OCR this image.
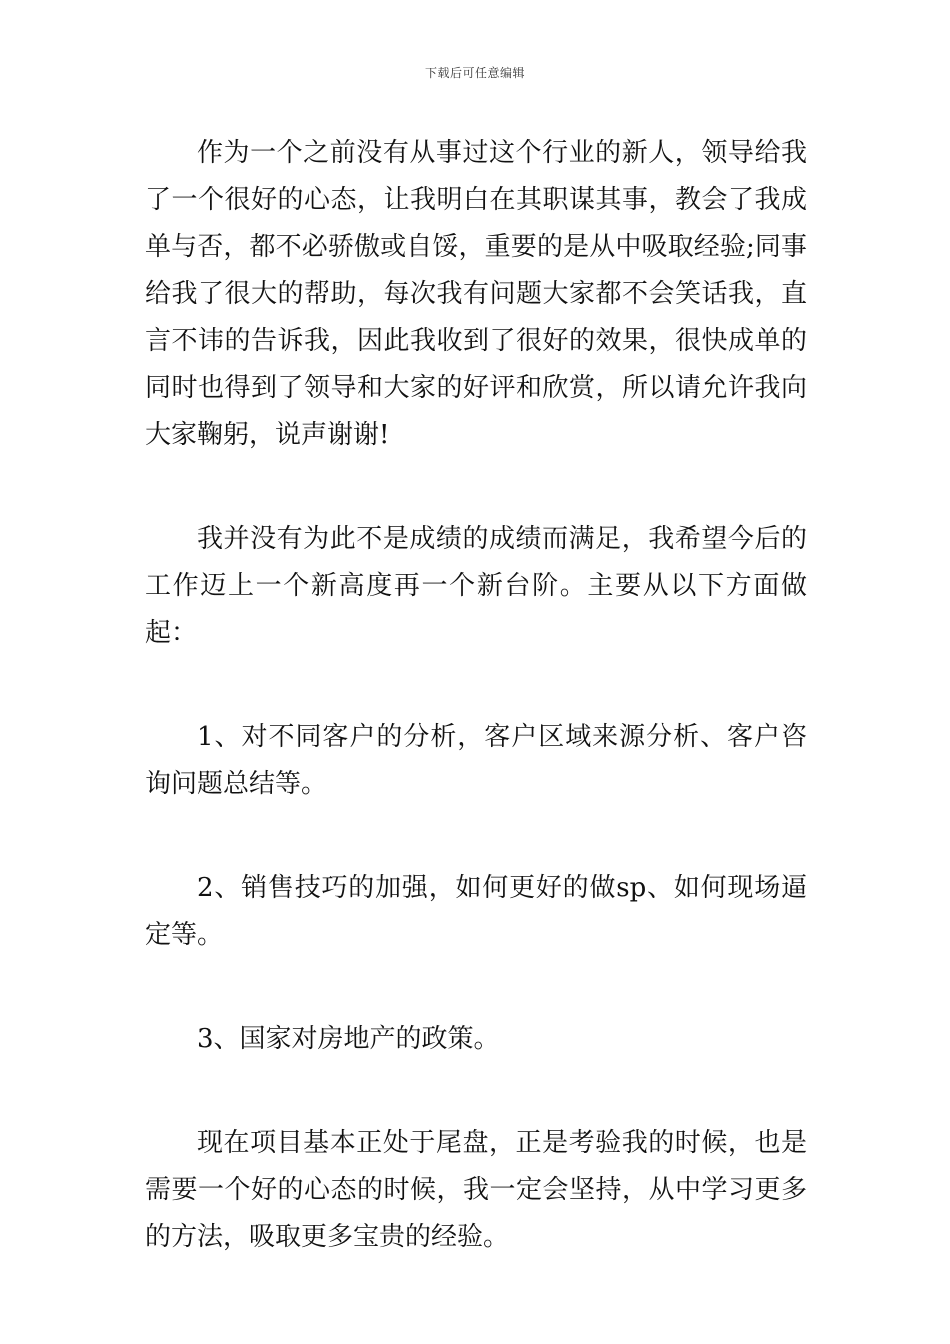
下载后可任意编辑

作为一个之前没有从事过这个行业的新人，领导给我了一个很好的心态，让我明白在其职谋其事，教会了我成单与否，都不必骄傲或自馁，重要的是从中吸取经验;同事给我了很大的帮助，每次我有问题大家都不会笑话我，直言不讳的告诉我，因此我收到了很好的效果，很快成单的同时也得到了领导和大家的好评和欣赏，所以请允许我向大家鞠躬，说声谢谢!

我并没有为此不是成绩的成绩而满足，我希望今后的工作迈上一个新高度再一个新台阶。主要从以下方面做起：

1、对不同客户的分析，客户区域来源分析、客户咨询问题总结等。

2、销售技巧的加强，如何更好的做sp、如何现场逼定等。

3、国家对房地产的政策。

现在项目基本正处于尾盘，正是考验我的时候，也是需要一个好的心态的时候，我一定会坚持，从中学习更多的方法，吸取更多宝贵的经验。
